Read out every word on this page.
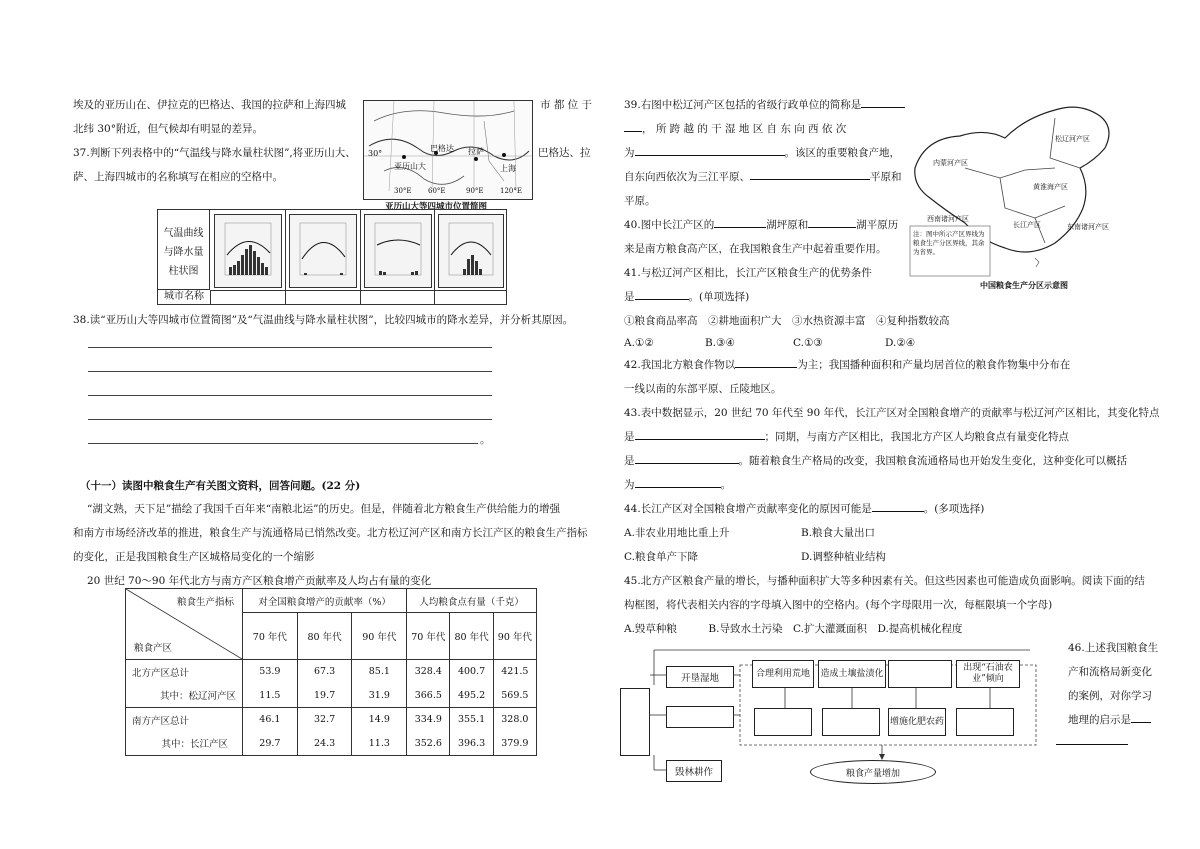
埃及的亚历山在、伊拉克的巴格达、我国的拉萨和上海四城	市 都 位 于
北纬 30°附近，但气候却有明显的差异。
37.判断下列表格中的“气温线与降水量柱状图”,将亚历山大、	巴格达、拉
萨、上海四城市的名称填写在相应的空格中。
30°
亚历山大
巴格达 拉萨
上海
30°E 60°E	90°E 120°E
亚历山大等四城市位置简图
气温曲线
与降水量
柱状图
城市名称
38.读“亚历山大等四城市位置简图”及“气温曲线与降水量柱状图”，比较四城市的降水差异，并分析其原因。
。
（十一）读图中粮食生产有关图文资料，回答问题。(22 分)
“湖文熟，天下足”描绘了我国千百年来“南粮北运”的历史。但是，伴随着北方粮食生产供给能力的增强
和南方市场经济改革的推进，粮食生产与流通格局已悄然改变。北方松辽河产区和南方长江产区的粮食生产指标
的变化，正是我国粮食生产区城格局变化的一个缩影
20 世纪 70～90 年代北方与南方产区粮食增产贡献率及人均占有量的变化
粮食生产指标
粮食产区	对全国粮食增产的贡献率（%）			人均粮食点有量（千克）		
	70 年代	80 年代	90 年代	70 年代	80 年代	90 年代
北方产区总计	53.9	67.3	85.1	328.4	400.7	421.5
其中：松辽河产区	11.5	19.7	31.9	366.5	495.2	569.5
南方产区总计	46.1	32.7	14.9	334.9	355.1	328.0
其中：长江产区	29.7	24.3	11.3	352.6	396.3	379.9
39.右图中松辽河产区包括的省级行政单位的简称是
， 所 跨 越 的 干 湿 地 区 自 东 向 西 依 次
为	。该区的重要粮食产地，
自东向西依次为三江平原、	平原和
平原。
40.图中长江产区的	湖坪原和	湖平原历
来是南方粮食高产区，在我国粮食生产中起着重要作用。
41.与松辽河产区相比，长江产区粮食生产的优势条件
是	。(单项选择)
①粮食商品率高　②耕地面积广大　③水热资源丰富　④复种指数较高
A.①②	B.③④	C.①③	D.②④
内蒙河产区
松辽河产区
黄淮海产区
西南诸河产区
长江产区	东南诸河产区
注：图中所示产区界线为粮食生产分区界线，其余为省界。
中国粮食生产分区示意图
42.我国北方粮食作物以	为主；我国播种面积和产量均居首位的粮食作物集中分布在
一线以南的东部平原、丘陵地区。
43.表中数据显示，20 世纪 70 年代至 90 年代，长江产区对全国粮食增产的贡献率与松辽河产区相比，其变化特点
是	；同期，与南方产区相比，我国北方产区人均粮食点有量变化特点
是	。随着粮食生产格局的改变，我国粮食流通格局也开始发生变化，这种变化可以概括
为	。
44.长江产区对全国粮食增产贡献率变化的原因可能是	。(多项选择)
A.非农业用地比重上升	B.粮食大量出口
C.粮食单产下降	D.调整种植业结构
45.北方产区粮食产量的增长，与播种面积扩大等多种因素有关。但这些因素也可能造成负面影响。阅读下面的结
构框图，将代表相关内容的字母填入图中的空格内。(每个字母限用一次，每框限填一个字母)
A.毁草种粮　　　B.导致水土污染　C.扩大灌溉面积　D.提高机械化程度
开垦湿地
毁林耕作
合理利用荒地	造成土壤盐渍化
出现“石油农业”倾向
增施化肥农药
粮食产量增加
46.上述我国粮食生
产和流格局新变化
的案例，对你学习
地理的启示是
